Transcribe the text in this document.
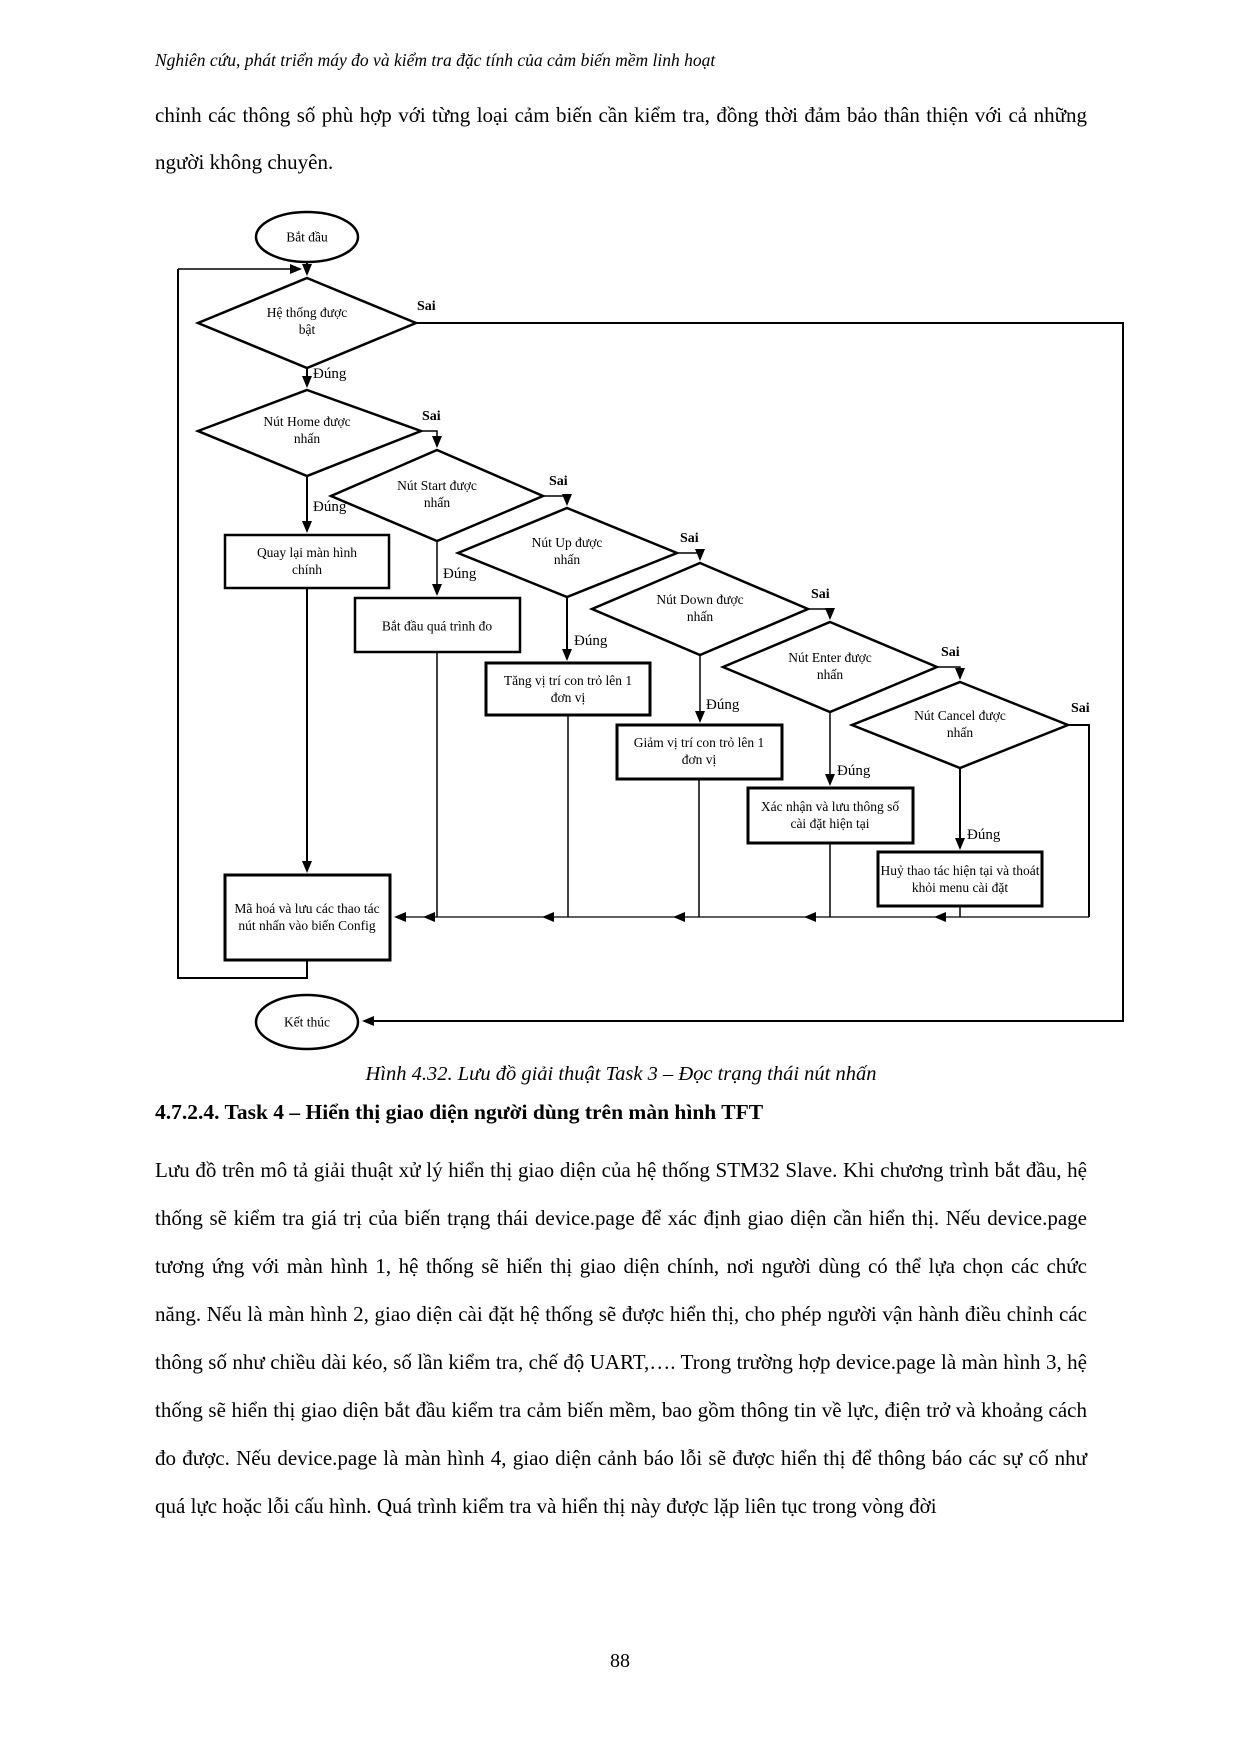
Nghiên cứu, phát triển máy đo và kiểm tra đặc tính của cảm biến mềm linh hoạt
chỉnh các thông số phù hợp với từng loại cảm biến cần kiểm tra, đồng thời đảm bảo thân thiện với cả những người không chuyên.
Bắt đầu
Hệ thống được bật
Nút Home được nhấn
Nút Start được nhấn
Nút Up được nhấn
Nút Down được nhấn
Nút Enter được nhấn
Nút Cancel được nhấn
Quay lại màn hình chính
Bắt đầu quá trình đo
Tăng vị trí con trỏ lên 1 đơn vị
Giảm vị trí con trỏ lên 1 đơn vị
Xác nhận và lưu thông số cài đặt hiện tại
Huỷ thao tác hiện tại và thoát khỏi menu cài đặt
Mã hoá và lưu các thao tác nút nhấn vào biến Config
Kết thúc
Sai
Sai
Sai
Sai
Sai
Sai
Sai
Đúng
Đúng
Đúng
Đúng
Đúng
Đúng
Đúng
Hình 4.32. Lưu đồ giải thuật Task 3 – Đọc trạng thái nút nhấn
4.7.2.4. Task 4 – Hiển thị giao diện người dùng trên màn hình TFT
Lưu đồ trên mô tả giải thuật xử lý hiển thị giao diện của hệ thống STM32 Slave. Khi chương trình bắt đầu, hệ thống sẽ kiểm tra giá trị của biến trạng thái device.page để xác định giao diện cần hiển thị. Nếu device.page tương ứng với màn hình 1, hệ thống sẽ hiển thị giao diện chính, nơi người dùng có thể lựa chọn các chức năng. Nếu là màn hình 2, giao diện cài đặt hệ thống sẽ được hiển thị, cho phép người vận hành điều chỉnh các thông số như chiều dài kéo, số lần kiểm tra, chế độ UART,…. Trong trường hợp device.page là màn hình 3, hệ thống sẽ hiển thị giao diện bắt đầu kiểm tra cảm biến mềm, bao gồm thông tin về lực, điện trở và khoảng cách đo được. Nếu device.page là màn hình 4, giao diện cảnh báo lỗi sẽ được hiển thị để thông báo các sự cố như quá lực hoặc lỗi cấu hình. Quá trình kiểm tra và hiển thị này được lặp liên tục trong vòng đời
88
